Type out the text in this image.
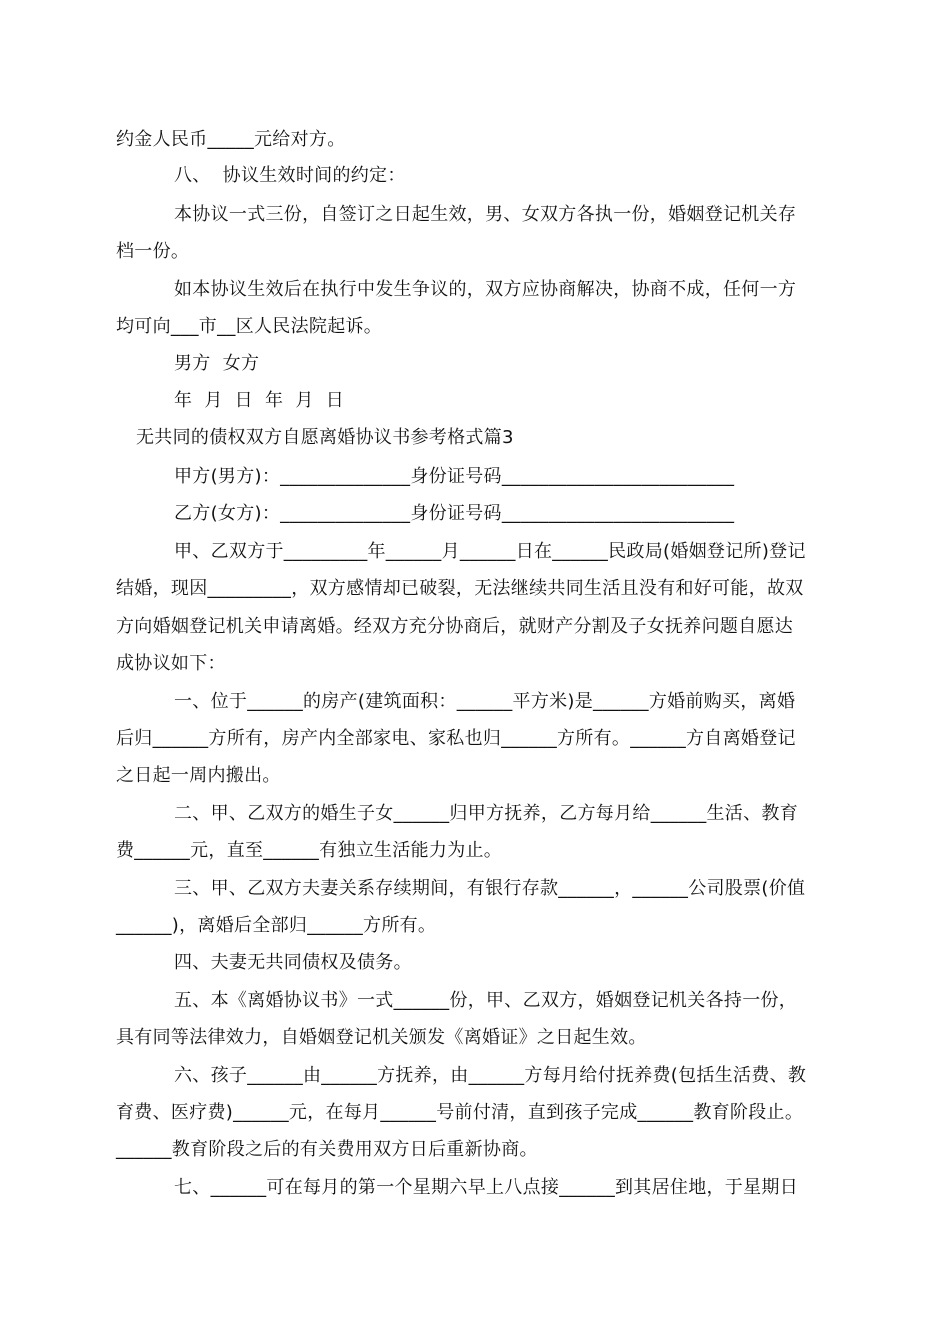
约金人民币_____元给对方。
八、  协议生效时间的约定：
本协议一式三份，自签订之日起生效，男、女双方各执一份，婚姻登记机关存
档一份。
如本协议生效后在执行中发生争议的，双方应协商解决，协商不成，任何一方
均可向___市__区人民法院起诉。
男方  女方
年  月  日  年  月  日
无共同的债权双方自愿离婚协议书参考格式篇3
甲方(男方)：______________身份证号码_________________________
乙方(女方)：______________身份证号码_________________________
甲、乙双方于_________年______月______日在______民政局(婚姻登记所)登记
结婚，现因_________，双方感情却已破裂，无法继续共同生活且没有和好可能，故双
方向婚姻登记机关申请离婚。经双方充分协商后，就财产分割及子女抚养问题自愿达
成协议如下：
一、位于______的房产(建筑面积：______平方米)是______方婚前购买，离婚
后归______方所有，房产内全部家电、家私也归______方所有。______方自离婚登记
之日起一周内搬出。
二、甲、乙双方的婚生子女______归甲方抚养，乙方每月给______生活、教育
费______元，直至______有独立生活能力为止。
三、甲、乙双方夫妻关系存续期间，有银行存款______，______公司股票(价值
______)，离婚后全部归______方所有。
四、夫妻无共同债权及债务。
五、本《离婚协议书》一式______份，甲、乙双方，婚姻登记机关各持一份，
具有同等法律效力，自婚姻登记机关颁发《离婚证》之日起生效。
六、孩子______由______方抚养，由______方每月给付抚养费(包括生活费、教
育费、医疗费)______元，在每月______号前付清，直到孩子完成______教育阶段止。
______教育阶段之后的有关费用双方日后重新协商。
七、______可在每月的第一个星期六早上八点接______到其居住地，于星期日
